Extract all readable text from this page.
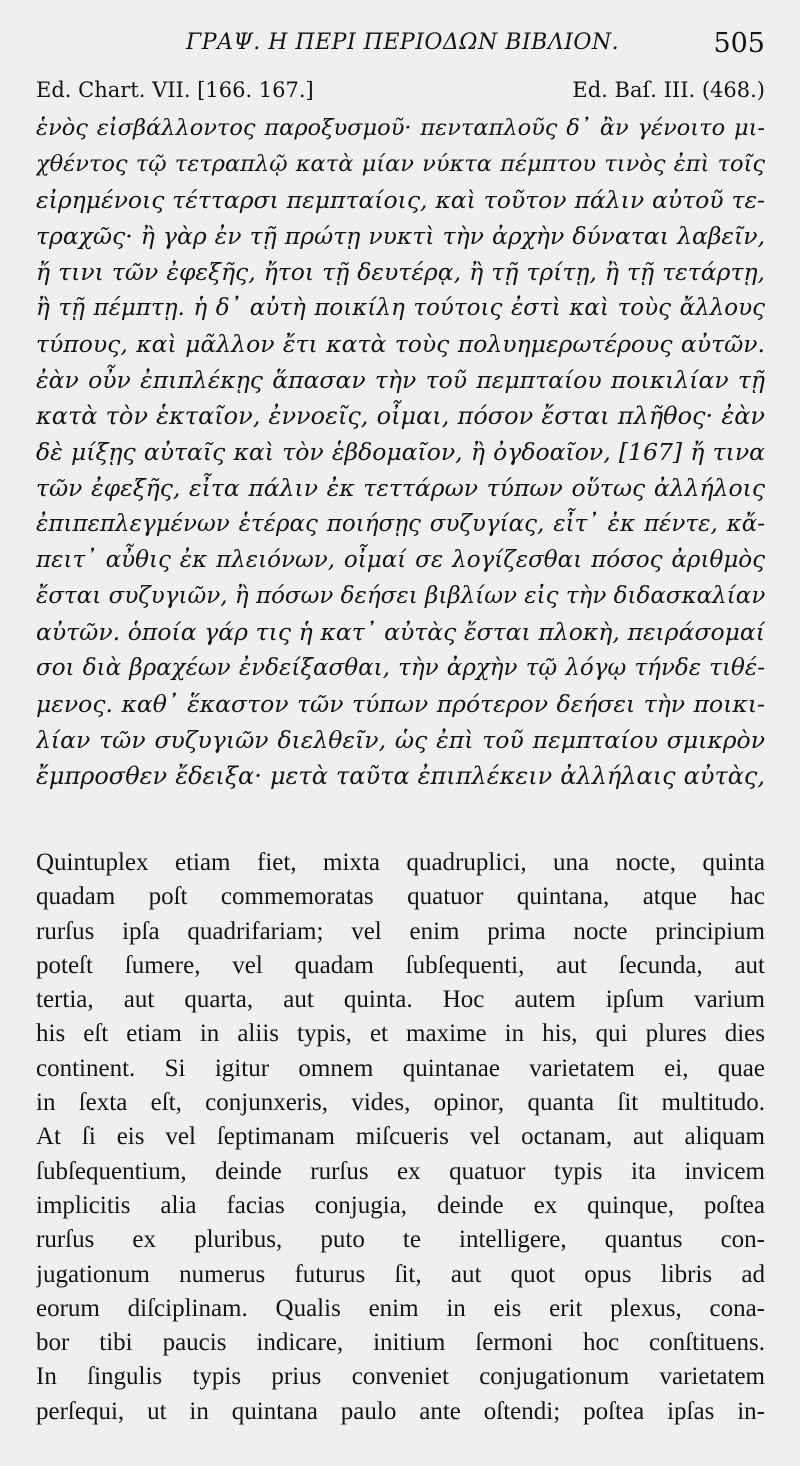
ΓΡΑΨ. Η ΠΕΡΙ ΠΕΡΙΟΔΩΝ ΒΙΒΛΙΟΝ.	505
Ed. Chart. VII. [166. 167.]	Ed. Baſ. III. (468.)
ἑνὸς εἰσβάλλοντος παροξυσμοῦ· πενταπλοῦς δ᾽ ἂν γένοιτο μι-
χθέντος τῷ τετραπλῷ κατὰ μίαν νύκτα πέμπτου τινὸς ἐπὶ τοῖς
εἰρημένοις τέτταρσι πεμπταίοις, καὶ τοῦτον πάλιν αὐτοῦ τε-
τραχῶς· ἢ γὰρ ἐν τῇ πρώτῃ νυκτὶ τὴν ἀρχὴν δύναται λαβεῖν,
ἤ τινι τῶν ἐφεξῆς, ἤτοι τῇ δευτέρᾳ, ἢ τῇ τρίτῃ, ἢ τῇ τετάρτῃ,
ἢ τῇ πέμπτῃ. ἡ δ᾽ αὐτὴ ποικίλη τούτοις ἐστὶ καὶ τοὺς ἄλλους
τύπους, καὶ μᾶλλον ἔτι κατὰ τοὺς πολυημερωτέρους αὐτῶν.
ἐὰν οὖν ἐπιπλέκῃς ἅπασαν τὴν τοῦ πεμπταίου ποικιλίαν τῇ
κατὰ τὸν ἑκταῖον, ἐννοεῖς, οἶμαι, πόσον ἔσται πλῆθος· ἐὰν
δὲ μίξῃς αὐταῖς καὶ τὸν ἑβδομαῖον, ἢ ὀγδοαῖον, [167] ἤ τινα
τῶν ἐφεξῆς, εἶτα πάλιν ἐκ τεττάρων τύπων οὕτως ἀλλήλοις
ἐπιπεπλεγμένων ἑτέρας ποιήσῃς συζυγίας, εἶτ᾽ ἐκ πέντε, κἄ-
πειτ᾽ αὖθις ἐκ πλειόνων, οἶμαί σε λογίζεσθαι πόσος ἀριθμὸς
ἔσται συζυγιῶν, ἢ πόσων δεήσει βιβλίων εἰς τὴν διδασκαλίαν
αὐτῶν. ὁποία γάρ τις ἡ κατ᾽ αὐτὰς ἔσται πλοκὴ, πειράσομαί
σοι διὰ βραχέων ἐνδείξασθαι, τὴν ἀρχὴν τῷ λόγῳ τήνδε τιθέ-
μενος. καθ᾽ ἕκαστον τῶν τύπων πρότερον δεήσει τὴν ποικι-
λίαν τῶν συζυγιῶν διελθεῖν, ὡς ἐπὶ τοῦ πεμπταίου σμικρὸν
ἔμπροσθεν ἔδειξα· μετὰ ταῦτα ἐπιπλέκειν ἀλλήλαις αὐτὰς,
Quintuplex etiam fiet, mixta quadruplici, una nocte, quinta
quadam poſt commemoratas quatuor quintana, atque hac
rurſus ipſa quadrifariam; vel enim prima nocte principium
poteſt ſumere, vel quadam ſubſequenti, aut ſecunda, aut
tertia, aut quarta, aut quinta. Hoc autem ipſum varium
his eſt etiam in aliis typis, et maxime in his, qui plures dies
continent. Si igitur omnem quintanae varietatem ei, quae
in ſexta eſt, conjunxeris, vides, opinor, quanta ſit multitudo.
At ſi eis vel ſeptimanam miſcueris vel octanam, aut aliquam
ſubſequentium, deinde rurſus ex quatuor typis ita invicem
implicitis alia facias conjugia, deinde ex quinque, poſtea
rurſus ex pluribus, puto te intelligere, quantus con-
jugationum numerus futurus ſit, aut quot opus libris ad
eorum diſciplinam. Qualis enim in eis erit plexus, cona-
bor tibi paucis indicare, initium ſermoni hoc conſtituens.
In ſingulis typis prius conveniet conjugationum varietatem
perſequi, ut in quintana paulo ante oſtendi; poſtea ipſas in-
